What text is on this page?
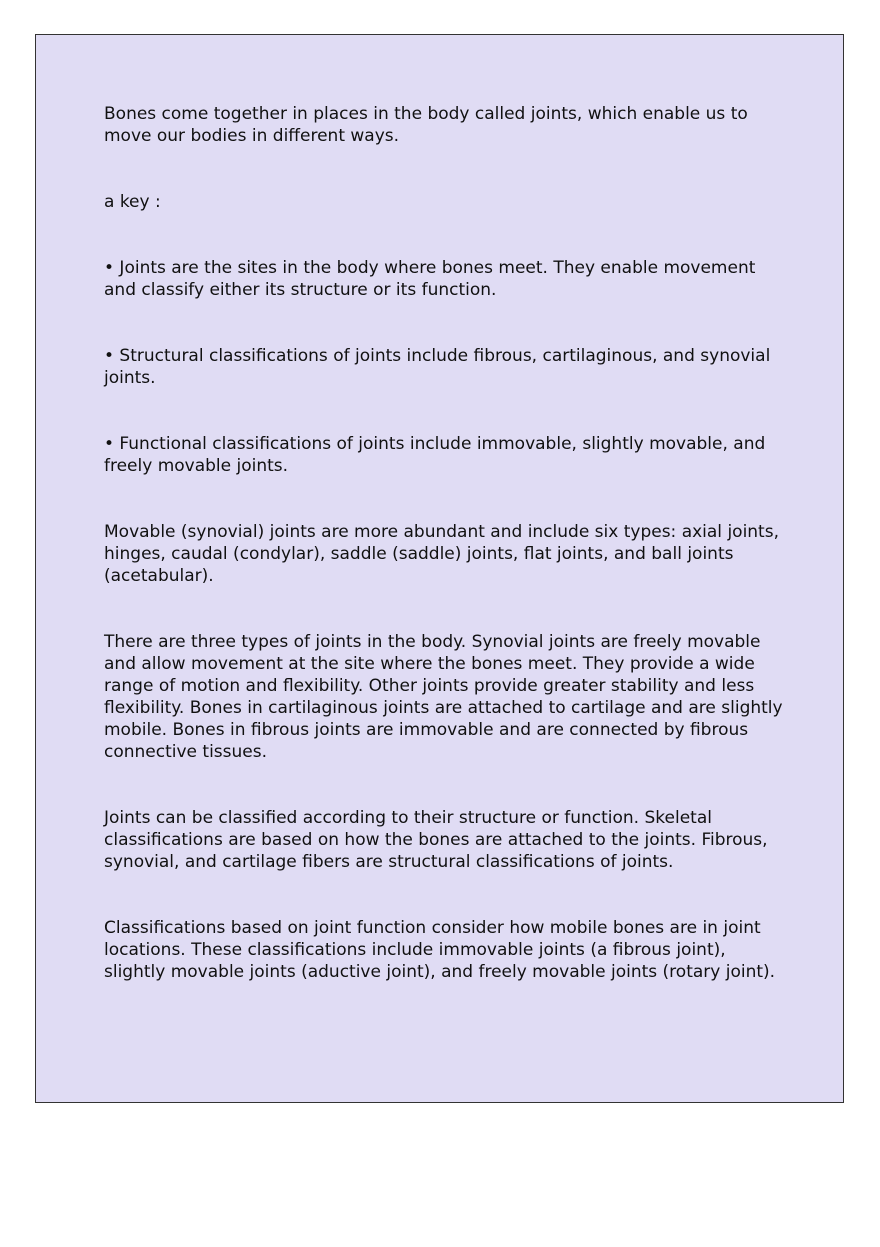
Bones come together in places in the body called joints, which enable us to move our bodies in different ways.

a key :

• Joints are the sites in the body where bones meet. They enable movement and classify either its structure or its function.

• Structural classifications of joints include fibrous, cartilaginous, and synovial joints.

• Functional classifications of joints include immovable, slightly movable, and freely movable joints.

Movable (synovial) joints are more abundant and include six types: axial joints, hinges, caudal (condylar), saddle (saddle) joints, flat joints, and ball joints (acetabular).

There are three types of joints in the body. Synovial joints are freely movable and allow movement at the site where the bones meet. They provide a wide range of motion and flexibility. Other joints provide greater stability and less flexibility. Bones in cartilaginous joints are attached to cartilage and are slightly mobile. Bones in fibrous joints are immovable and are connected by fibrous connective tissues.

Joints can be classified according to their structure or function. Skeletal classifications are based on how the bones are attached to the joints. Fibrous, synovial, and cartilage fibers are structural classifications of joints.

Classifications based on joint function consider how mobile bones are in joint locations. These classifications include immovable joints (a fibrous joint), slightly movable joints (aductive joint), and freely movable joints (rotary joint).
